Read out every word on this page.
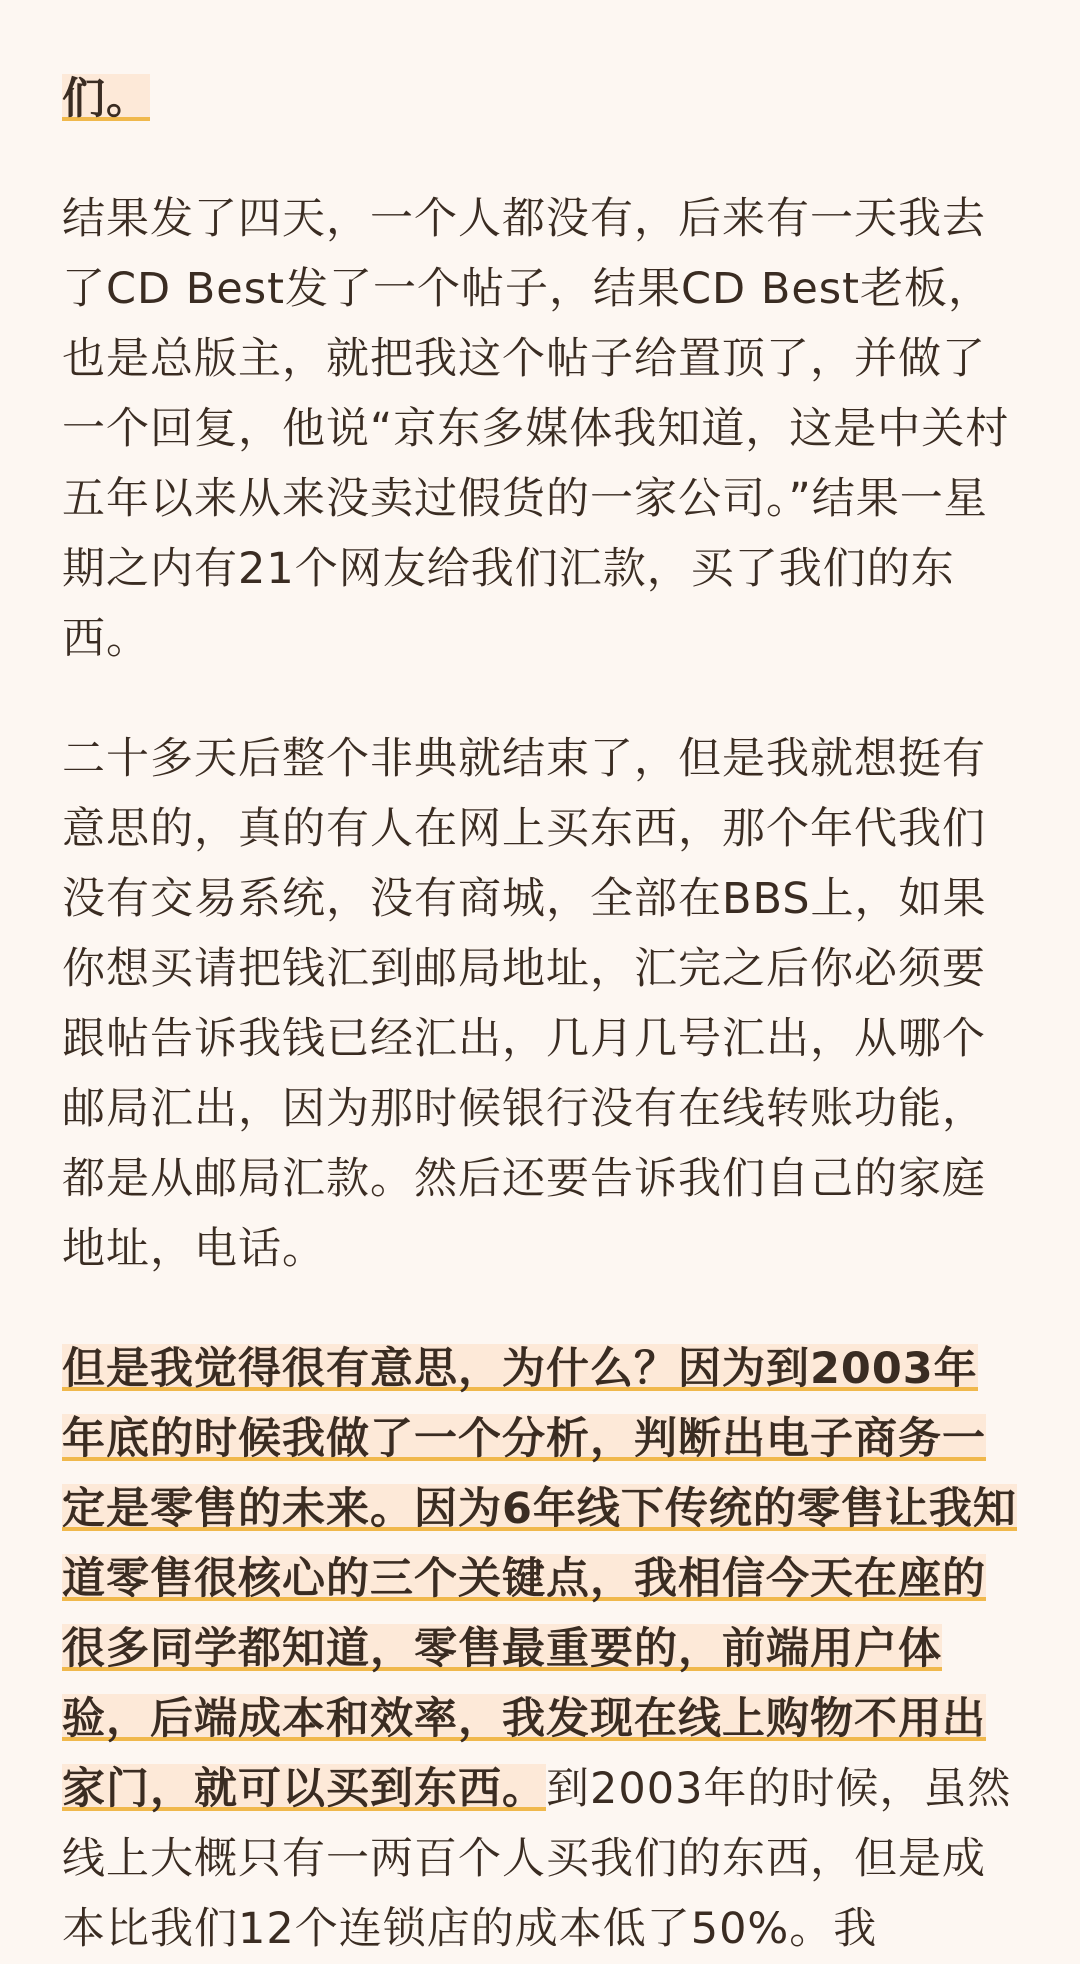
们。

结果发了四天，一个人都没有，后来有一天我去了CD Best发了一个帖子，结果CD Best老板，也是总版主，就把我这个帖子给置顶了，并做了一个回复，他说“京东多媒体我知道，这是中关村五年以来从来没卖过假货的一家公司。”结果一星期之内有21个网友给我们汇款，买了我们的东西。

二十多天后整个非典就结束了，但是我就想挺有意思的，真的有人在网上买东西，那个年代我们没有交易系统，没有商城，全部在BBS上，如果你想买请把钱汇到邮局地址，汇完之后你必须要跟帖告诉我钱已经汇出，几月几号汇出，从哪个邮局汇出，因为那时候银行没有在线转账功能，都是从邮局汇款。然后还要告诉我们自己的家庭地址，电话。

但是我觉得很有意思，为什么？因为到2003年年底的时候我做了一个分析，判断出电子商务一定是零售的未来。因为6年线下传统的零售让我知道零售很核心的三个关键点，我相信今天在座的很多同学都知道，零售最重要的，前端用户体验，后端成本和效率，我发现在线上购物不用出家门，就可以买到东西。到2003年的时候，虽然线上大概只有一两百个人买我们的东西，但是成本比我们12个连锁店的成本低了50%。我
